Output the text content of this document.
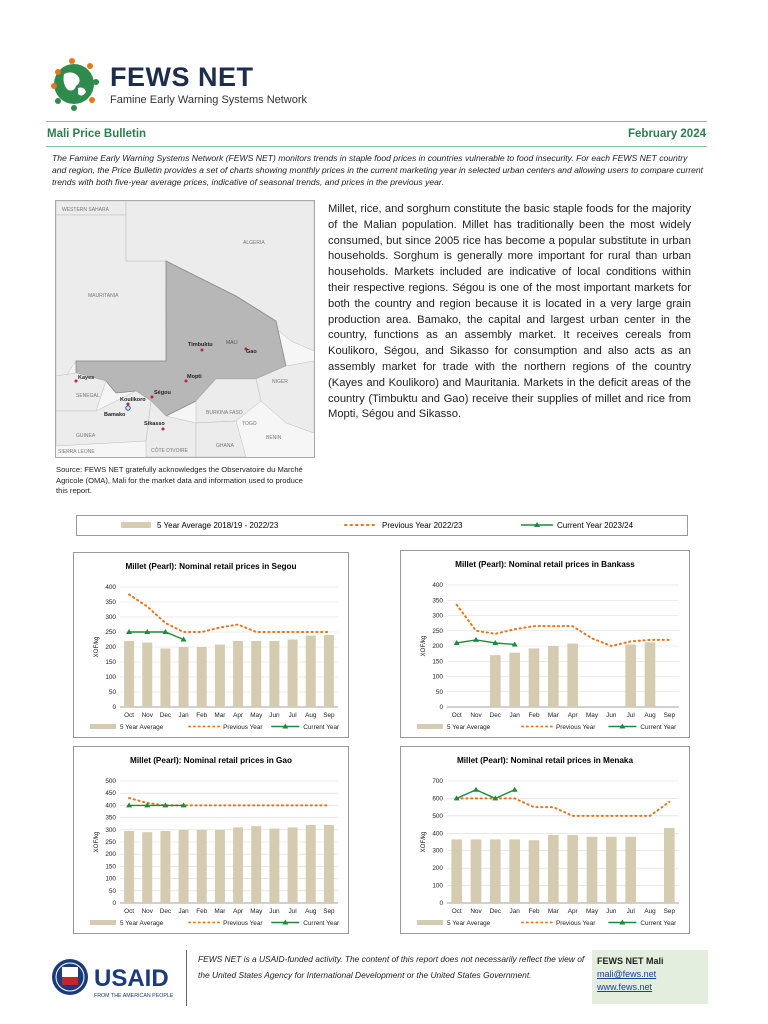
FEWS NET
Famine Early Warning Systems Network
Mali Price Bulletin	February 2024
The Famine Early Warning Systems Network (FEWS NET) monitors trends in staple food prices in countries vulnerable to food insecurity. For each FEWS NET country and region, the Price Bulletin provides a set of charts showing monthly prices in the current marketing year in selected urban centers and allowing users to compare current trends with both five-year average prices, indicative of seasonal trends, and prices in the previous year.
WESTERN SAHARA
ALGERIA
MAURITANIA
MALI
NIGER
SENEGAL
BURKINA FASO
GUINEA
CÔTE D'IVOIRE
GHANA
TOGO
BENIN
SIERRA LEONE
Timbuktu
Gao
Mopti
Kayes
Ségou
Koulikoro
Bamako
Sikasso
Source: FEWS NET gratefully acknowledges the Observatoire du Marché Agricole (OMA), Mali for the market data and information used to produce this report.
Millet, rice, and sorghum constitute the basic staple foods for the majority of the Malian population. Millet has traditionally been the most widely consumed, but since 2005 rice has become a popular substitute in urban households. Sorghum is generally more important for rural than urban households. Markets included are indicative of local conditions within their respective regions. Ségou is one of the most important markets for both the country and region because it is located in a very large grain production area. Bamako, the capital and largest urban center in the country, functions as an assembly market. It receives cereals from Koulikoro, Ségou, and Sikasso for consumption and also acts as an assembly market for trade with the northern regions of the country (Kayes and Koulikoro) and Mauritania. Markets in the deficit areas of the country (Timbuktu and Gao) receive their supplies of millet and rice from Mopti, Ségou and Sikasso.
5 Year Average 2018/19 - 2022/23	Previous Year 2022/23	Current Year 2023/24
Millet (Pearl): Nominal retail prices in Segou
0
50
100
150
200
250
300
350
400
XOF/kg
Oct Nov Dec Jan Feb Mar Apr May Jun Jul Aug Sep
5 Year Average	Previous Year	Current Year
Millet (Pearl): Nominal retail prices in Bankass
0
50
100
150
200
250
300
350
400
XOF/kg
Oct Nov Dec Jan Feb Mar Apr May Jun Jul Aug Sep
5 Year Average	Previous Year	Current Year
Millet (Pearl): Nominal retail prices in Gao
0
50
100
150
200
250
300
350
400
450
500
XOF/kg
Oct Nov Dec Jan Feb Mar Apr May Jun Jul Aug Sep
5 Year Average	Previous Year	Current Year
Millet (Pearl): Nominal retail prices in Menaka
0
100
200
300
400
500
600
700
XOF/kg
Oct Nov Dec Jan Feb Mar Apr May Jun Jul Aug Sep
5 Year Average	Previous Year	Current Year
USAID
FROM THE AMERICAN PEOPLE
FEWS NET is a USAID-funded activity. The content of this report does not necessarily reflect the view of the United States Agency for International Development or the United States Government.
FEWS NET Mali
mali@fews.net
www.fews.net
